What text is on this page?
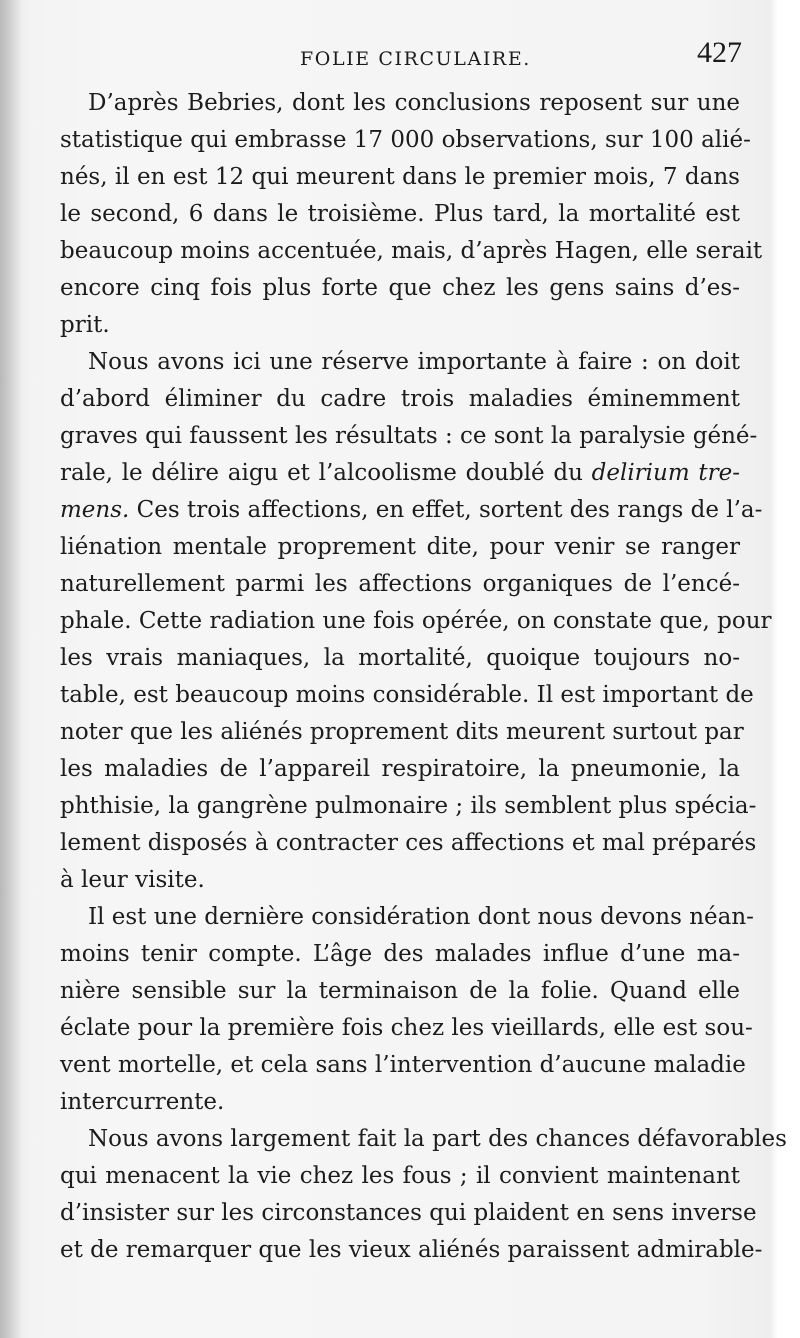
FOLIE CIRCULAIRE.	427
D’après Bebries, dont les conclusions reposent sur une
statistique qui embrasse 17 000 observations, sur 100 alié-
nés, il en est 12 qui meurent dans le premier mois, 7 dans
le second, 6 dans le troisième. Plus tard, la mortalité est
beaucoup moins accentuée, mais, d’après Hagen, elle serait
encore cinq fois plus forte que chez les gens sains d’es-
prit.
Nous avons ici une réserve importante à faire : on doit
d’abord éliminer du cadre trois maladies éminemment
graves qui faussent les résultats : ce sont la paralysie géné-
rale, le délire aigu et l’alcoolisme doublé du delirium tre-
mens. Ces trois affections, en effet, sortent des rangs de l’a-
liénation mentale proprement dite, pour venir se ranger
naturellement parmi les affections organiques de l’encé-
phale. Cette radiation une fois opérée, on constate que, pour
les vrais maniaques, la mortalité, quoique toujours no-
table, est beaucoup moins considérable. Il est important de
noter que les aliénés proprement dits meurent surtout par
les maladies de l’appareil respiratoire, la pneumonie, la
phthisie, la gangrène pulmonaire ; ils semblent plus spécia-
lement disposés à contracter ces affections et mal préparés
à leur visite.
Il est une dernière considération dont nous devons néan-
moins tenir compte. L’âge des malades influe d’une ma-
nière sensible sur la terminaison de la folie. Quand elle
éclate pour la première fois chez les vieillards, elle est sou-
vent mortelle, et cela sans l’intervention d’aucune maladie
intercurrente.
Nous avons largement fait la part des chances défavorables
qui menacent la vie chez les fous ; il convient maintenant
d’insister sur les circonstances qui plaident en sens inverse
et de remarquer que les vieux aliénés paraissent admirable-
